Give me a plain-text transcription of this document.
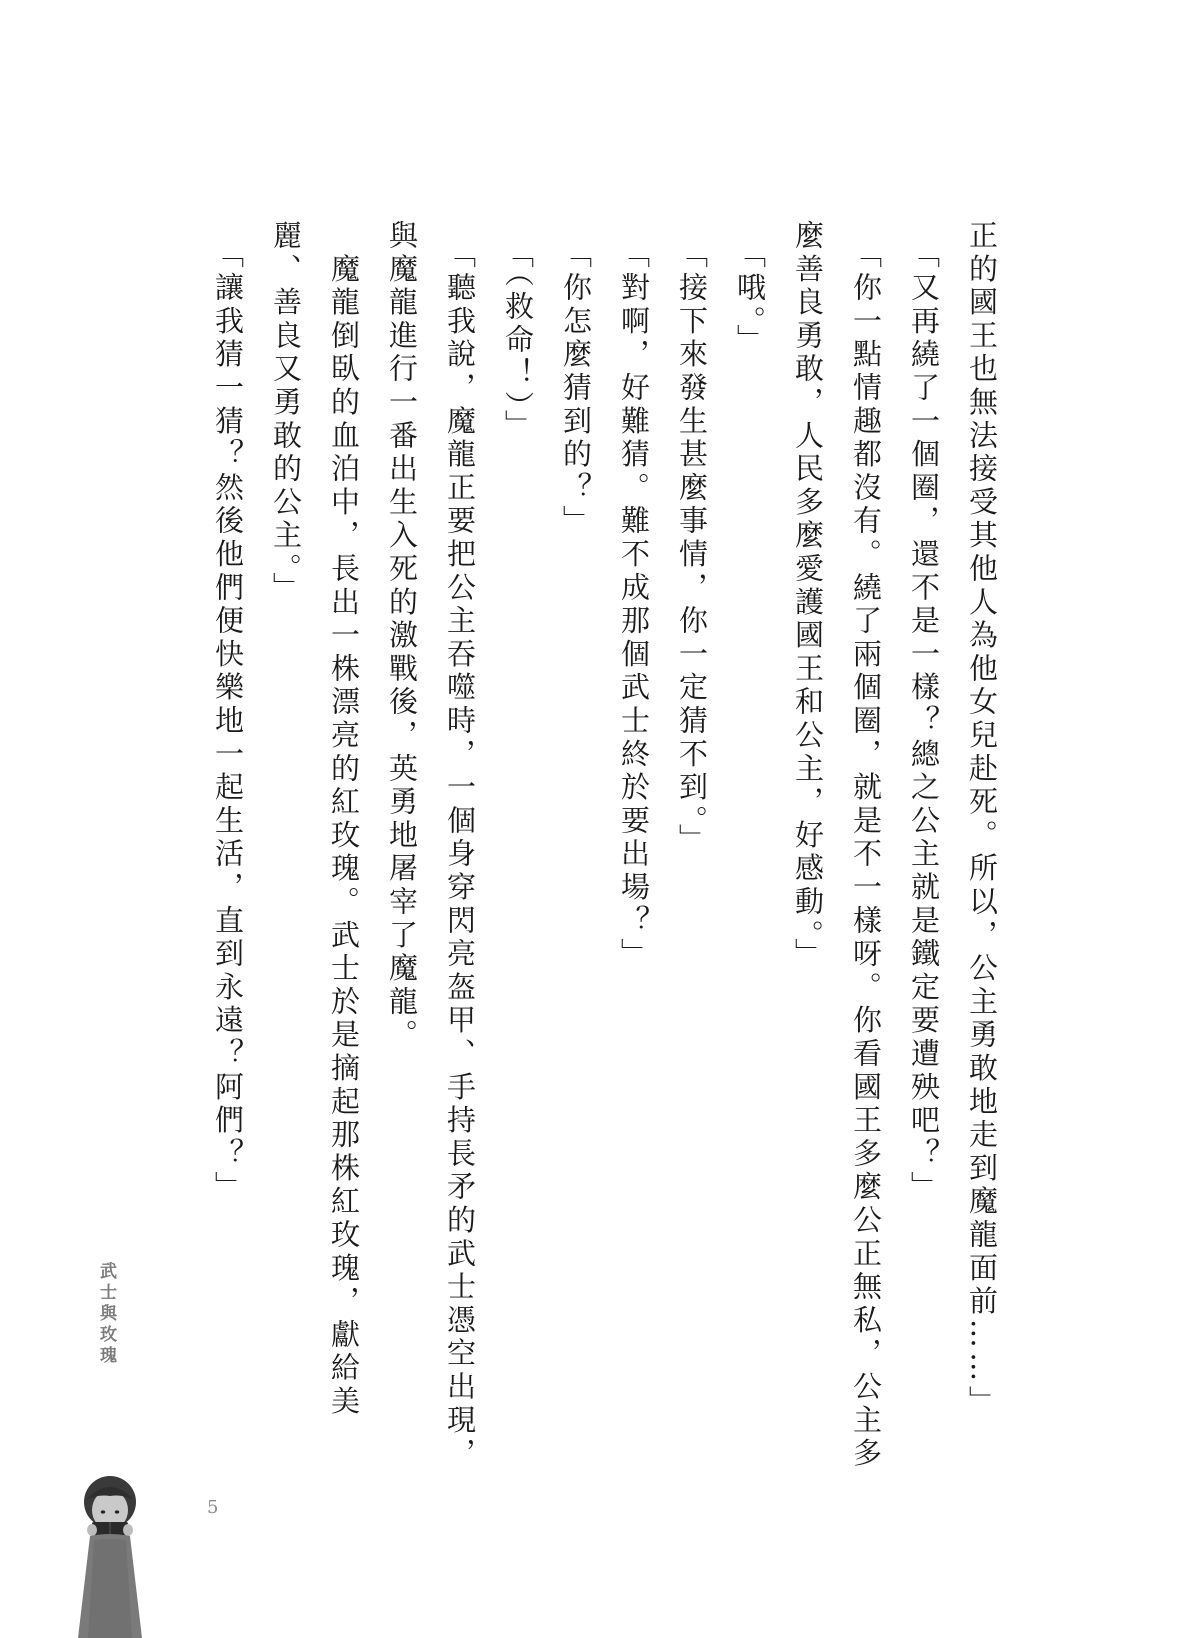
正的國王也無法接受其他人為他女兒赴死。所以，公主勇敢地走到魔龍面前……」

　「又再繞了一個圈，還不是一樣？總之公主就是鐵定要遭殃吧？」

　「你一點情趣都沒有。繞了兩個圈，就是不一樣呀。你看國王多麼公正無私，公主多麼善良勇敢，人民多麼愛護國王和公主，好感動。」

　「哦。」

　「接下來發生甚麼事情，你一定猜不到。」

　「對啊，好難猜。難不成那個武士終於要出場？」

　「你怎麼猜到的？」

　「（救命！）」

　「聽我說，魔龍正要把公主吞噬時，一個身穿閃亮盔甲、手持長矛的武士憑空出現，與魔龍進行一番出生入死的激戰後，英勇地屠宰了魔龍。

　魔龍倒臥的血泊中，長出一株漂亮的紅玫瑰。武士於是摘起那株紅玫瑰，獻給美麗、善良又勇敢的公主。」

　「讓我猜一猜？然後他們便快樂地一起生活，直到永遠？阿們？」

武士與玫瑰
5
